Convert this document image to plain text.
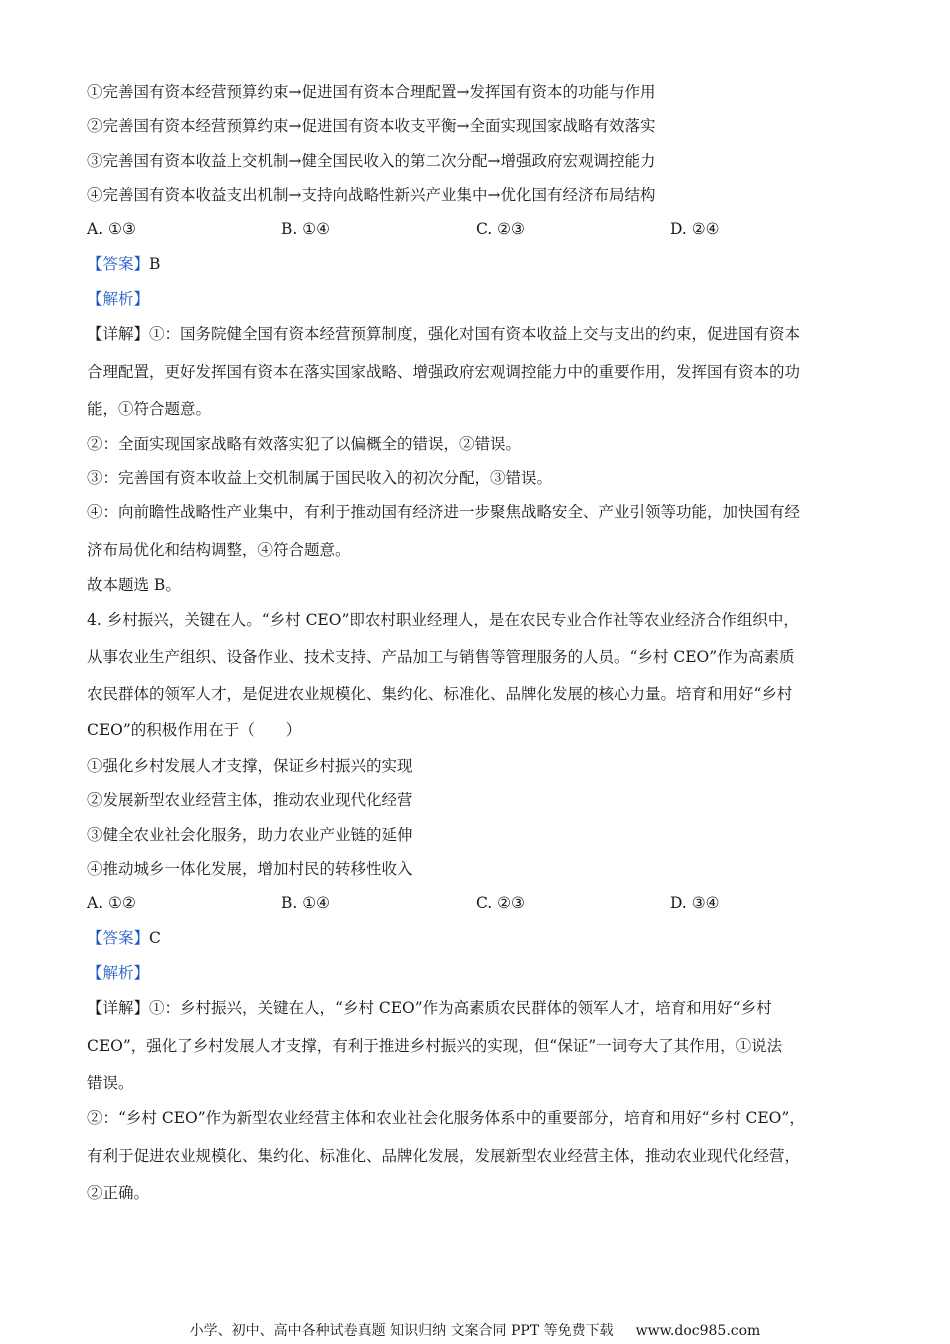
①完善国有资本经营预算约束→促进国有资本合理配置→发挥国有资本的功能与作用
②完善国有资本经营预算约束→促进国有资本收支平衡→全面实现国家战略有效落实
③完善国有资本收益上交机制→健全国民收入的第二次分配→增强政府宏观调控能力
④完善国有资本收益支出机制→支持向战略性新兴产业集中→优化国有经济布局结构
A. ①③	B. ①④	C. ②③	D. ②④
【答案】B
【解析】
【详解】①：国务院健全国有资本经营预算制度，强化对国有资本收益上交与支出的约束，促进国有资本
合理配置，更好发挥国有资本在落实国家战略、增强政府宏观调控能力中的重要作用，发挥国有资本的功
能，①符合题意。
②：全面实现国家战略有效落实犯了以偏概全的错误，②错误。
③：完善国有资本收益上交机制属于国民收入的初次分配，③错误。
④：向前瞻性战略性产业集中，有利于推动国有经济进一步聚焦战略安全、产业引领等功能，加快国有经
济布局优化和结构调整，④符合题意。
故本题选 B。
4. 乡村振兴，关键在人。“乡村 CEO”即农村职业经理人，是在农民专业合作社等农业经济合作组织中，
从事农业生产组织、设备作业、技术支持、产品加工与销售等管理服务的人员。“乡村 CEO”作为高素质
农民群体的领军人才，是促进农业规模化、集约化、标准化、品牌化发展的核心力量。培育和用好“乡村
CEO”的积极作用在于（　　）
①强化乡村发展人才支撑，保证乡村振兴的实现
②发展新型农业经营主体，推动农业现代化经营
③健全农业社会化服务，助力农业产业链的延伸
④推动城乡一体化发展，增加村民的转移性收入
A. ①②	B. ①④	C. ②③	D. ③④
【答案】C
【解析】
【详解】①：乡村振兴，关键在人，“乡村 CEO”作为高素质农民群体的领军人才，培育和用好“乡村
CEO”，强化了乡村发展人才支撑，有利于推进乡村振兴的实现，但“保证”一词夸大了其作用，①说法
错误。
②：“乡村 CEO”作为新型农业经营主体和农业社会化服务体系中的重要部分，培育和用好“乡村 CEO”，
有利于促进农业规模化、集约化、标准化、品牌化发展，发展新型农业经营主体，推动农业现代化经营，
②正确。
小学、初中、高中各种试卷真题 知识归纳 文案合同 PPT 等免费下载 www.doc985.com
